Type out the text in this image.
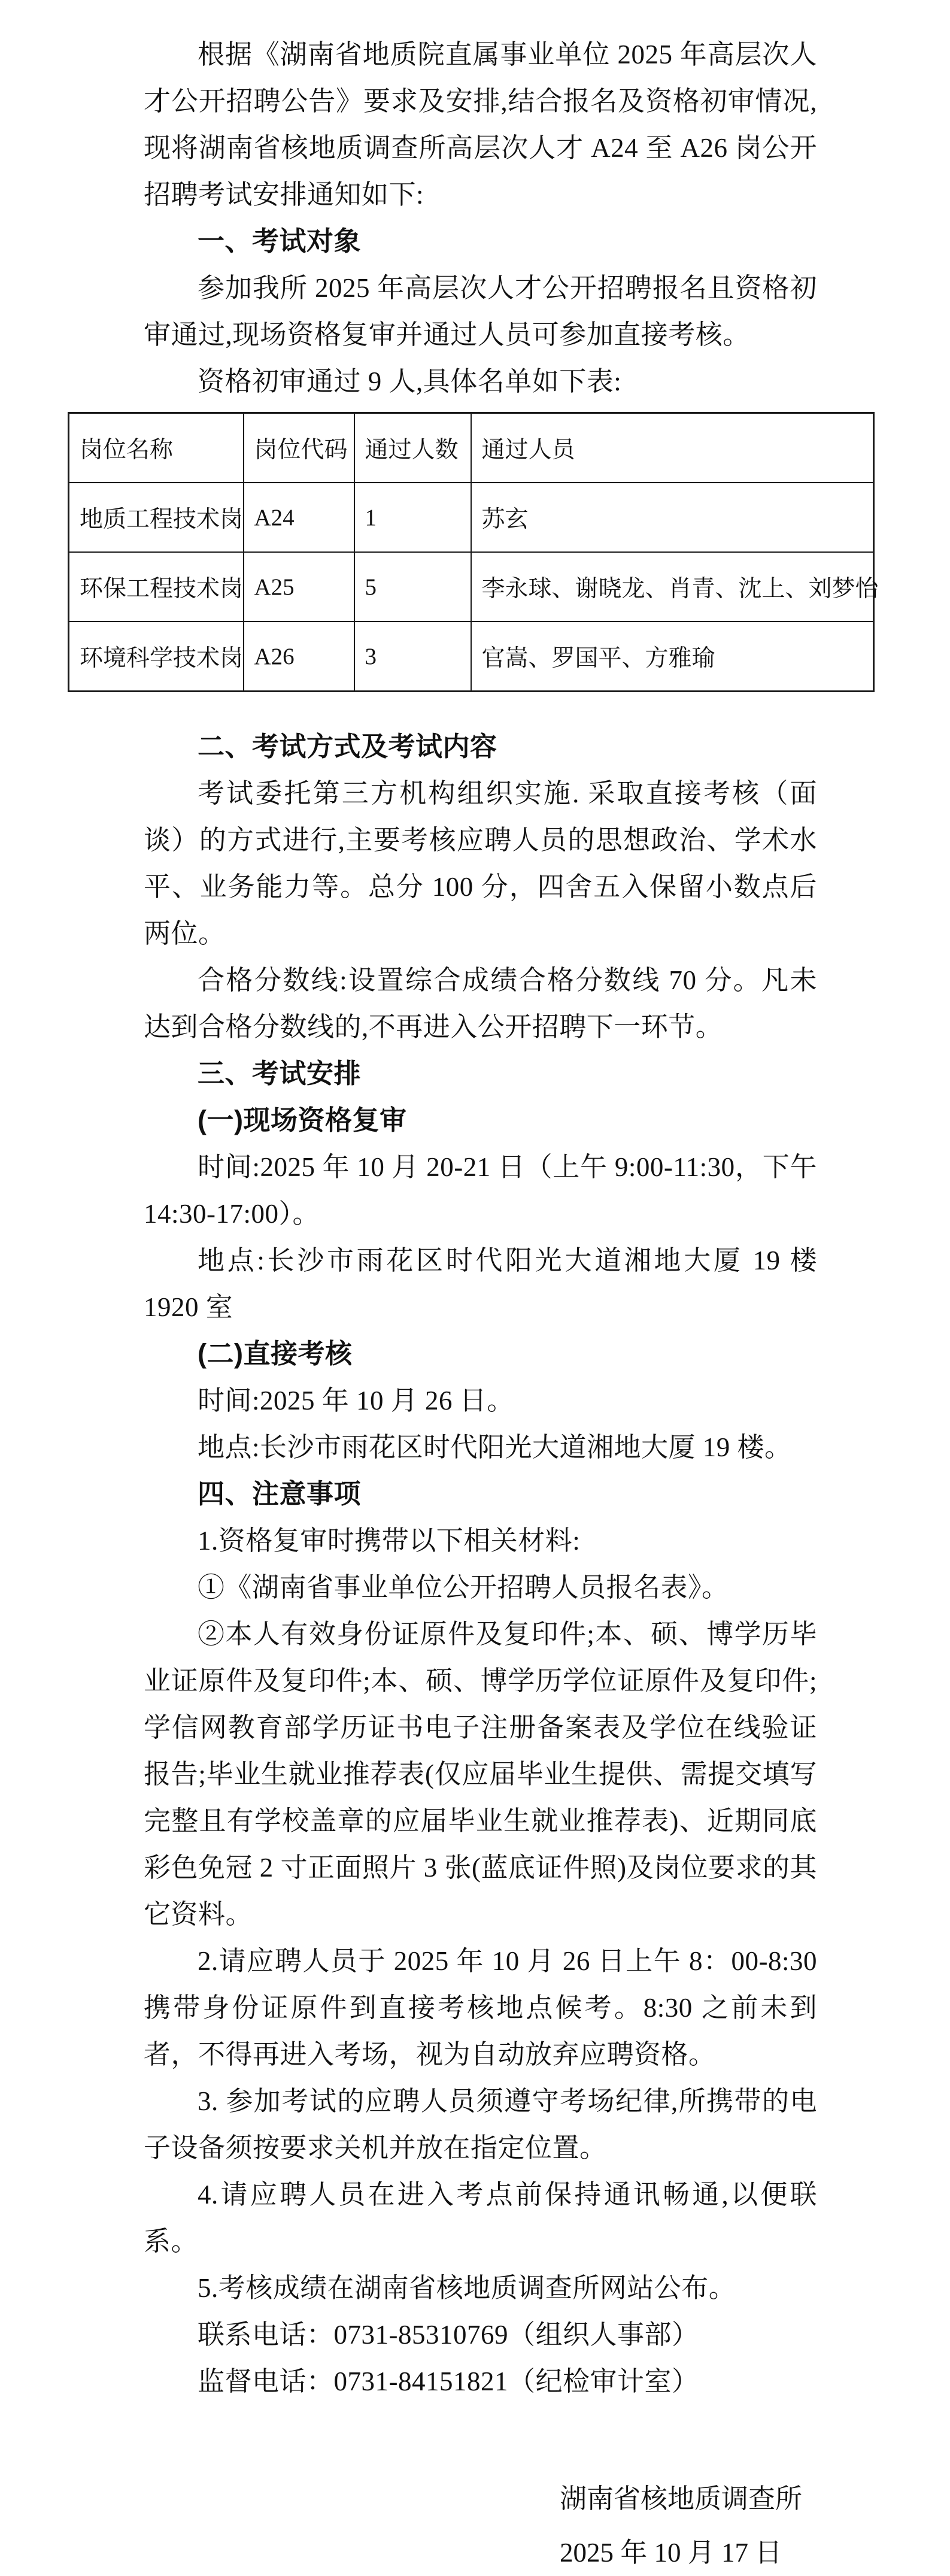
根据《湖南省地质院直属事业单位 2025 年高层次人才公开招聘公告》要求及安排,结合报名及资格初审情况,现将湖南省核地质调查所高层次人才 A24 至 A26 岗公开招聘考试安排通知如下:

一、考试对象

参加我所 2025 年高层次人才公开招聘报名且资格初审通过,现场资格复审并通过人员可参加直接考核。

资格初审通过 9 人,具体名单如下表:

岗位名称	岗位代码	通过人数	通过人员
地质工程技术岗	A24	1	苏玄
环保工程技术岗	A25	5	李永球、谢晓龙、肖青、沈上、刘梦怡
环境科学技术岗	A26	3	官嵩、罗国平、方雅瑜

二、考试方式及考试内容

考试委托第三方机构组织实施. 采取直接考核（面谈）的方式进行,主要考核应聘人员的思想政治、学术水平、业务能力等。总分 100 分，四舍五入保留小数点后两位。

合格分数线:设置综合成绩合格分数线 70 分。凡未达到合格分数线的,不再进入公开招聘下一环节。

三、考试安排

(一)现场资格复审

时间:2025 年 10 月 20-21 日（上午 9:00-11:30，下午 14:30-17:00）。

地点:长沙市雨花区时代阳光大道湘地大厦 19 楼 1920 室

(二)直接考核

时间:2025 年 10 月 26 日。

地点:长沙市雨花区时代阳光大道湘地大厦 19 楼。

四、注意事项

1.资格复审时携带以下相关材料:

①《湖南省事业单位公开招聘人员报名表》。

②本人有效身份证原件及复印件;本、硕、博学历毕业证原件及复印件;本、硕、博学历学位证原件及复印件;学信网教育部学历证书电子注册备案表及学位在线验证报告;毕业生就业推荐表(仅应届毕业生提供、需提交填写完整且有学校盖章的应届毕业生就业推荐表)、近期同底彩色免冠 2 寸正面照片 3 张(蓝底证件照)及岗位要求的其它资料。

2.请应聘人员于 2025 年 10 月 26 日上午 8：00-8:30 携带身份证原件到直接考核地点候考。8:30 之前未到者，不得再进入考场，视为自动放弃应聘资格。

3. 参加考试的应聘人员须遵守考场纪律,所携带的电子设备须按要求关机并放在指定位置。

4.请应聘人员在进入考点前保持通讯畅通,以便联系。

5.考核成绩在湖南省核地质调查所网站公布。

联系电话：0731-85310769（组织人事部）

监督电话：0731-84151821（纪检审计室）

湖南省核地质调查所
2025 年 10 月 17 日
